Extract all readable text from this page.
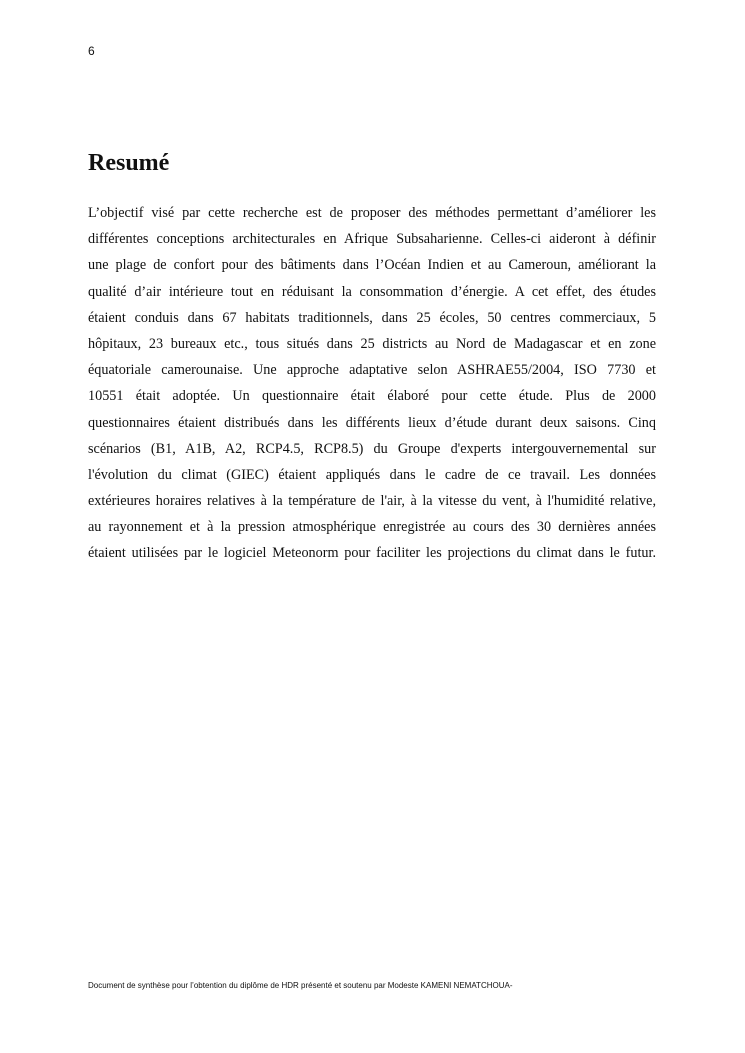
6
Resumé
L’objectif visé par cette recherche est de proposer des méthodes permettant d’améliorer les
différentes conceptions architecturales en Afrique Subsaharienne. Celles-ci aideront à définir
une plage de confort pour des bâtiments dans l’Océan Indien et au Cameroun, améliorant la
qualité d’air intérieure tout en réduisant la consommation d’énergie. A cet effet, des études
étaient conduis dans 67 habitats traditionnels, dans 25 écoles, 50 centres commerciaux, 5
hôpitaux, 23 bureaux etc., tous situés dans 25 districts au Nord de Madagascar et en zone
équatoriale camerounaise. Une approche adaptative selon ASHRAE55/2004, ISO 7730 et
10551 était adoptée. Un questionnaire était élaboré pour cette étude. Plus de 2000
questionnaires étaient distribués dans les différents lieux d’étude durant deux saisons. Cinq
scénarios (B1, A1B, A2, RCP4.5, RCP8.5) du Groupe d'experts intergouvernemental sur
l'évolution du climat (GIEC) étaient appliqués dans le cadre de ce travail. Les données
extérieures horaires relatives à la température de l'air, à la vitesse du vent, à l'humidité relative,
au rayonnement et à la pression atmosphérique enregistrée au cours des 30 dernières années
étaient utilisées par le logiciel Meteonorm pour faciliter les projections du climat dans le futur.
Document de synthèse pour l’obtention du diplôme de HDR présenté et soutenu par Modeste KAMENI NEMATCHOUA-
